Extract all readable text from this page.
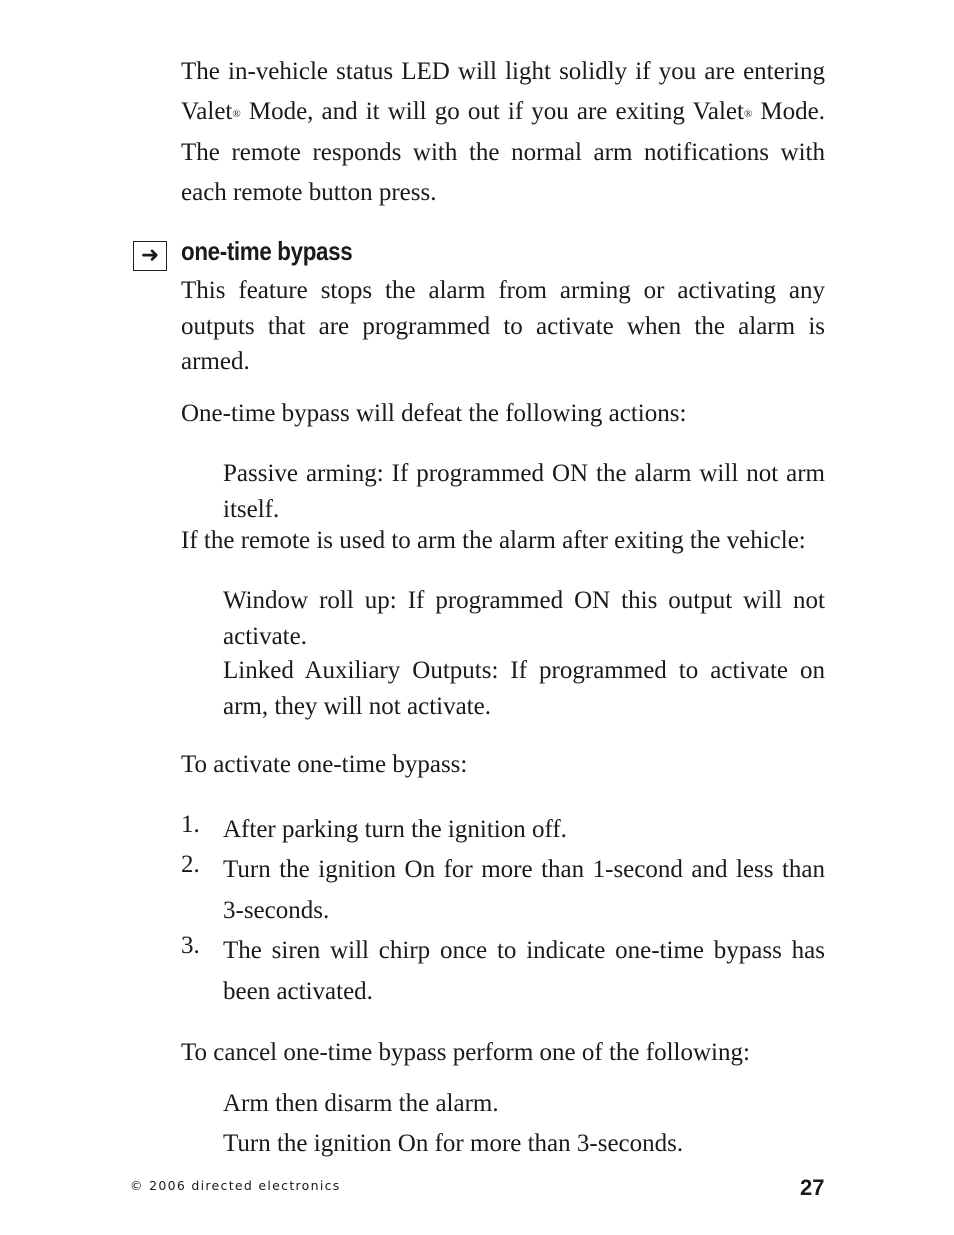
The in-vehicle status LED will light solidly if you are entering Valet® Mode, and it will go out if you are exiting Valet® Mode. The remote responds with the normal arm notifications with each remote button press.
➜ one-time bypass
This feature stops the alarm from arming or activating any outputs that are programmed to activate when the alarm is armed.
One-time bypass will defeat the following actions:
Passive arming: If programmed ON the alarm will not arm itself.
If the remote is used to arm the alarm after exiting the vehicle:
Window roll up: If programmed ON this output will not activate.
Linked Auxiliary Outputs: If programmed to activate on arm, they will not activate.
To activate one-time bypass:
1. After parking turn the ignition off.
2. Turn the ignition On for more than 1-second and less than 3-seconds.
3. The siren will chirp once to indicate one-time bypass has been activated.
To cancel one-time bypass perform one of the following:
Arm then disarm the alarm.
Turn the ignition On for more than 3-seconds.
© 2006 directed electronics	27
